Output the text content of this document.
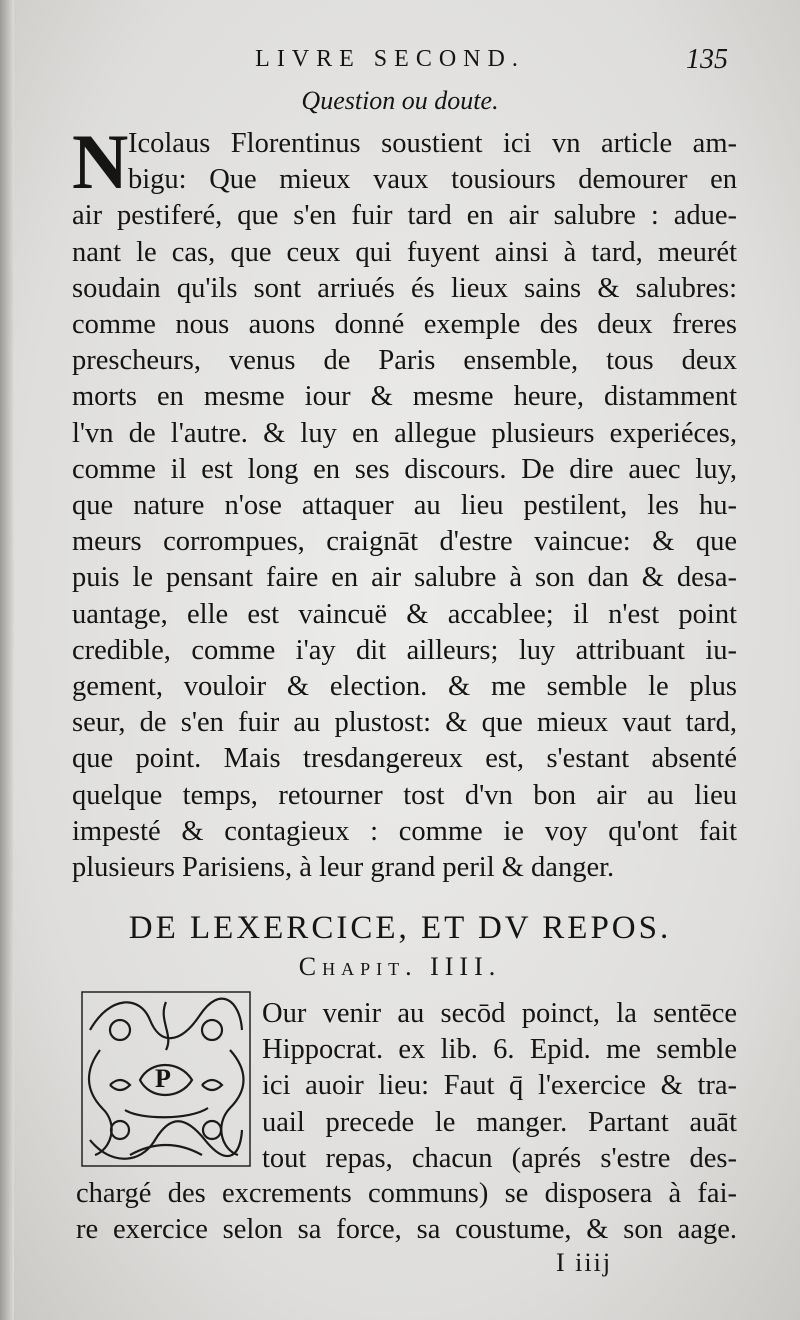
LIVRE SECOND.	135
Question ou doute.
N Icolaus Florentinus soustient ici vn article am-
bigu: Que mieux vaux tousiours demourer en
air pestiferé, que s'en fuir tard en air salubre : adue-
nant le cas, que ceux qui fuyent ainsi à tard, meurét
soudain qu'ils sont arriués és lieux sains & salubres:
comme nous auons donné exemple des deux freres
prescheurs, venus de Paris ensemble, tous deux
morts en mesme iour & mesme heure, distamment
l'vn de l'autre. & luy en allegue plusieurs experiéces,
comme il est long en ses discours. De dire auec luy,
que nature n'ose attaquer au lieu pestilent, les hu-
meurs corrompues, craignāt d'estre vaincue: & que
puis le pensant faire en air salubre à son dan & desa-
uantage, elle est vaincuë & accablee; il n'est point
credible, comme i'ay dit ailleurs; luy attribuant iu-
gement, vouloir & election. & me semble le plus
seur, de s'en fuir au plustost: & que mieux vaut tard,
que point. Mais tresdangereux est, s'estant absenté
quelque temps, retourner tost d'vn bon air au lieu
impesté & contagieux : comme ie voy qu'ont fait
plusieurs Parisiens, à leur grand peril & danger.
DE LEXERCICE, ET DV REPOS.
Chapit. IIII.
P
Our venir au secōd poinct, la sentēce
Hippocrat. ex lib. 6. Epid. me semble
ici auoir lieu: Faut q̄ l'exercice & tra-
uail precede le manger. Partant auāt
tout repas, chacun (aprés s'estre des-
chargé des excrements communs) se disposera à fai-
re exercice selon sa force, sa coustume, & son aage.
I iiij
